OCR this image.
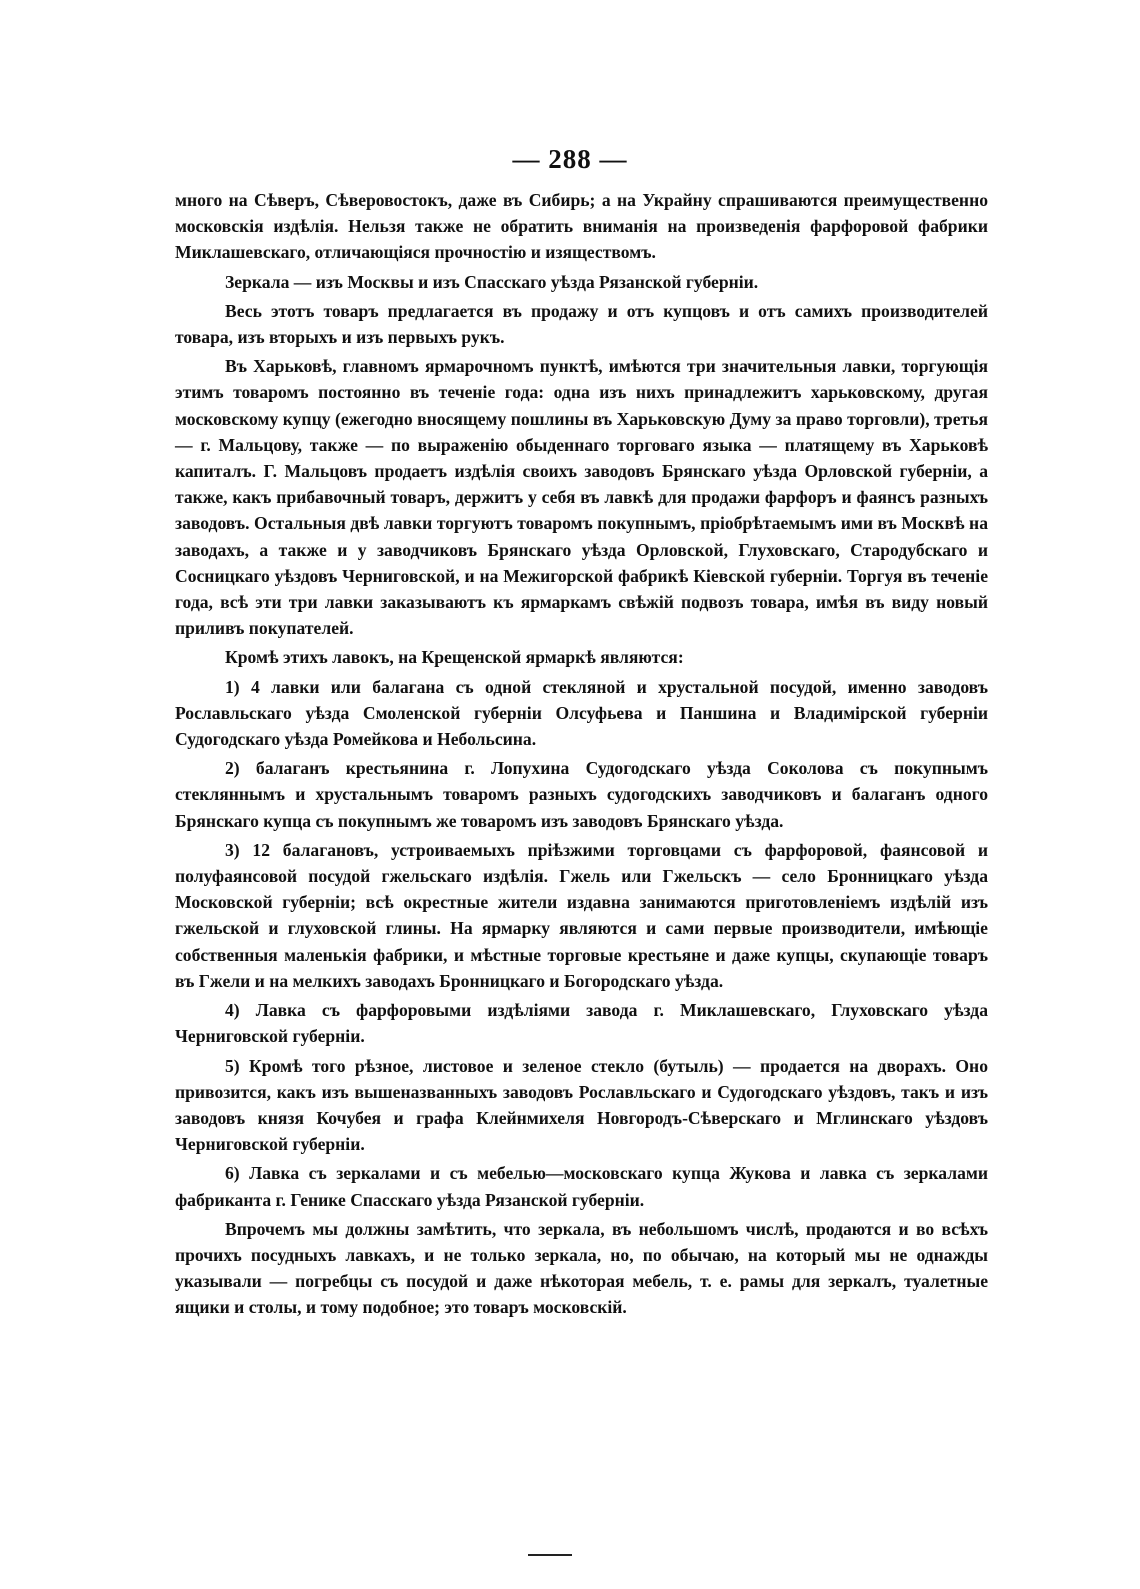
— 288 —

много на Сѣверъ, Сѣверовостокъ, даже въ Сибирь; а на Украйну спрашиваются преимущественно московскія издѣлія. Нельзя также не обратить вниманія на произведенія фарфоровой фабрики Миклашевскаго, отличающіяся прочностію и изяществомъ.

Зеркала — изъ Москвы и изъ Спасскаго уѣзда Рязанской губерніи.

Весь этотъ товаръ предлагается въ продажу и отъ купцовъ и отъ самихъ производителей товара, изъ вторыхъ и изъ первыхъ рукъ.

Въ Харьковѣ, главномъ ярмарочномъ пунктѣ, имѣются три значительныя лавки, торгующія этимъ товаромъ постоянно въ теченіе года: одна изъ нихъ принадлежитъ харьковскому, другая московскому купцу (ежегодно вносящему пошлины въ Харьковскую Думу за право торговли), третья — г. Мальцову, также — по выраженію обыденнаго торговаго языка — платящему въ Харьковѣ капиталъ. Г. Мальцовъ продаетъ издѣлія своихъ заводовъ Брянскаго уѣзда Орловской губерніи, а также, какъ прибавочный товаръ, держитъ у себя въ лавкѣ для продажи фарфоръ и фаянсъ разныхъ заводовъ. Остальныя двѣ лавки торгуютъ товаромъ покупнымъ, пріобрѣтаемымъ ими въ Москвѣ на заводахъ, а также и у заводчиковъ Брянскаго уѣзда Орловской, Глуховскаго, Стародубскаго и Сосницкаго уѣздовъ Черниговской, и на Межигорской фабрикѣ Кіевской губерніи. Торгуя въ теченіе года, всѣ эти три лавки заказываютъ къ ярмаркамъ свѣжій подвозъ товара, имѣя въ виду новый приливъ покупателей.

Кромѣ этихъ лавокъ, на Крещенской ярмаркѣ являются:

1) 4 лавки или балагана съ одной стекляной и хрустальной посудой, именно заводовъ Рославльскаго уѣзда Смоленской губерніи Олсуфьева и Паншина и Владимірской губерніи Судогодскаго уѣзда Ромейкова и Небольсина.

2) балаганъ крестьянина г. Лопухина Судогодскаго уѣзда Соколова съ покупнымъ стекляннымъ и хрустальнымъ товаромъ разныхъ судогодскихъ заводчиковъ и балаганъ одного Брянскаго купца съ покупнымъ же товаромъ изъ заводовъ Брянскаго уѣзда.

3) 12 балагановъ, устроиваемыхъ пріѣзжими торговцами съ фарфоровой, фаянсовой и полуфаянсовой посудой гжельскаго издѣлія. Гжель или Гжельскъ — село Бронницкаго уѣзда Московской губерніи; всѣ окрестные жители издавна занимаются приготовленіемъ издѣлій изъ гжельской и глуховской глины. На ярмарку являются и сами первые производители, имѣющіе собственныя маленькія фабрики, и мѣстные торговые крестьяне и даже купцы, скупающіе товаръ въ Гжели и на мелкихъ заводахъ Бронницкаго и Богородскаго уѣзда.

4) Лавка съ фарфоровыми издѣліями завода г. Миклашевскаго, Глуховскаго уѣзда Черниговской губерніи.

5) Кромѣ того рѣзное, листовое и зеленое стекло (бутыль) — продается на дворахъ. Оно привозится, какъ изъ вышеназванныхъ заводовъ Рославльскаго и Судогодскаго уѣздовъ, такъ и изъ заводовъ князя Кочубея и графа Клейнмихеля Новгородъ-Сѣверскаго и Мглинскаго уѣздовъ Черниговской губерніи.

6) Лавка съ зеркалами и съ мебелью—московскаго купца Жукова и лавка съ зеркалами фабриканта г. Генике Спасскаго уѣзда Рязанской губерніи.

Впрочемъ мы должны замѣтить, что зеркала, въ небольшомъ числѣ, продаются и во всѣхъ прочихъ посудныхъ лавкахъ, и не только зеркала, но, по обычаю, на который мы не однажды указывали — погребцы съ посудой и даже нѣкоторая мебель, т. е. рамы для зеркалъ, туалетные ящики и столы, и тому подобное; это товаръ московскій.
